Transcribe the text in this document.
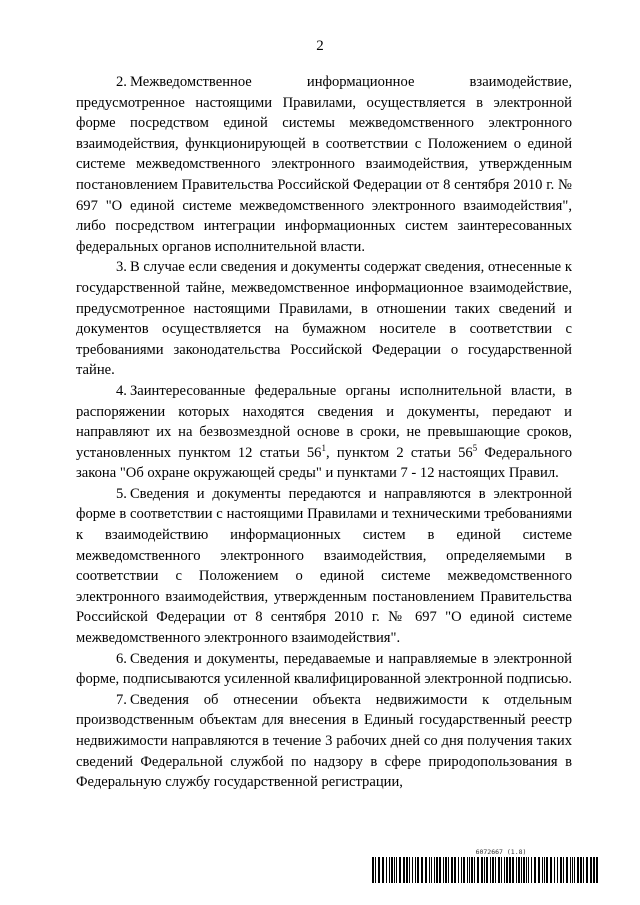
2

2. Межведомственное информационное взаимодействие, предусмотренное настоящими Правилами, осуществляется в электронной форме посредством единой системы межведомственного электронного взаимодействия, функционирующей в соответствии с Положением о единой системе межведомственного электронного взаимодействия, утвержденным постановлением Правительства Российской Федерации от 8 сентября 2010 г. № 697 "О единой системе межведомственного электронного взаимодействия", либо посредством интеграции информационных систем заинтересованных федеральных органов исполнительной власти.

3. В случае если сведения и документы содержат сведения, отнесенные к государственной тайне, межведомственное информационное взаимодействие, предусмотренное настоящими Правилами, в отношении таких сведений и документов осуществляется на бумажном носителе в соответствии с требованиями законодательства Российской Федерации о государственной тайне.

4. Заинтересованные федеральные органы исполнительной власти, в распоряжении которых находятся сведения и документы, передают и направляют их на безвозмездной основе в сроки, не превышающие сроков, установленных пунктом 12 статьи $56^1$, пунктом 2 статьи $56^5$ Федерального закона "Об охране окружающей среды" и пунктами 7 - 12 настоящих Правил.

5. Сведения и документы передаются и направляются в электронной форме в соответствии с настоящими Правилами и техническими требованиями к взаимодействию информационных систем в единой системе межведомственного электронного взаимодействия, определяемыми в соответствии с Положением о единой системе межведомственного электронного взаимодействия, утвержденным постановлением Правительства Российской Федерации от 8 сентября 2010 г. № 697 "О единой системе межведомственного электронного взаимодействия".

6. Сведения и документы, передаваемые и направляемые в электронной форме, подписываются усиленной квалифицированной электронной подписью.

7. Сведения об отнесении объекта недвижимости к отдельным производственным объектам для внесения в Единый государственный реестр недвижимости направляются в течение 3 рабочих дней со дня получения таких сведений Федеральной службой по надзору в сфере природопользования в Федеральную службу государственной регистрации,

6072667 (1.8)
